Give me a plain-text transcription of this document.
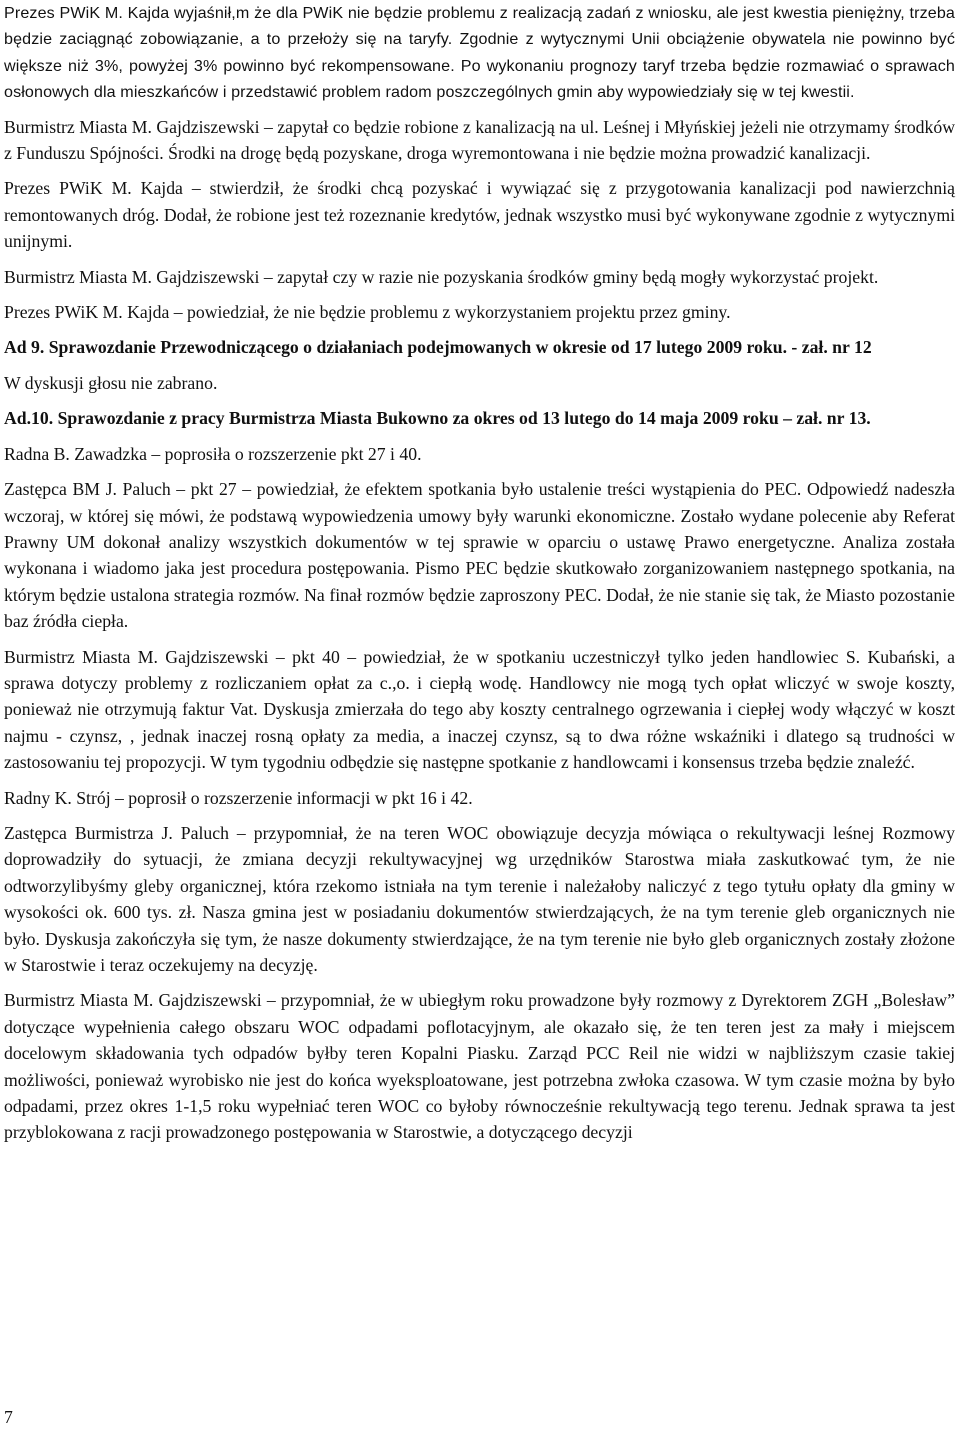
Prezes PWiK M. Kajda wyjaśnił,m że dla PWiK nie będzie problemu z realizacją zadań z wniosku, ale jest kwestia pieniężny, trzeba będzie zaciągnąć zobowiązanie, a to przełoży się na taryfy. Zgodnie z wytycznymi Unii obciążenie obywatela nie powinno być większe niż 3%, powyżej 3% powinno być rekompensowane. Po wykonaniu prognozy taryf trzeba będzie rozmawiać o sprawach osłonowych dla mieszkańców i przedstawić problem radom poszczególnych gmin aby wypowiedziały się w tej kwestii.

Burmistrz Miasta M. Gajdziszewski – zapytał co będzie robione z kanalizacją na ul. Leśnej i Młyńskiej jeżeli nie otrzymamy środków z Funduszu Spójności. Środki na drogę będą pozyskane, droga wyremontowana i nie będzie można prowadzić kanalizacji.

Prezes PWiK M. Kajda – stwierdził, że środki chcą pozyskać i wywiązać się z przygotowania kanalizacji pod nawierzchnią remontowanych dróg. Dodał, że robione jest też rozeznanie kredytów, jednak wszystko musi być wykonywane zgodnie z wytycznymi unijnymi.

Burmistrz Miasta M. Gajdziszewski – zapytał czy w razie nie pozyskania środków gminy będą mogły wykorzystać projekt.

Prezes PWiK M. Kajda – powiedział, że nie będzie problemu z wykorzystaniem projektu przez gminy.

Ad 9. Sprawozdanie Przewodniczącego o działaniach podejmowanych w okresie od 17 lutego 2009 roku. - zał. nr 12

W dyskusji głosu nie zabrano.

Ad.10. Sprawozdanie z pracy Burmistrza Miasta Bukowno za okres od 13 lutego do 14 maja 2009 roku – zał. nr 13.

Radna B. Zawadzka – poprosiła o rozszerzenie pkt 27 i 40.

Zastępca BM J. Paluch – pkt 27 – powiedział, że efektem spotkania było ustalenie treści wystąpienia do PEC. Odpowiedź nadeszła wczoraj, w której się mówi, że podstawą wypowiedzenia umowy były warunki ekonomiczne. Zostało wydane polecenie aby Referat Prawny UM dokonał analizy wszystkich dokumentów w tej sprawie w oparciu o ustawę Prawo energetyczne. Analiza została wykonana i wiadomo jaka jest procedura postępowania. Pismo PEC będzie skutkowało zorganizowaniem następnego spotkania, na którym będzie ustalona strategia rozmów. Na finał rozmów będzie zaproszony PEC. Dodał, że nie stanie się tak, że Miasto pozostanie baz źródła ciepła.

Burmistrz Miasta M. Gajdziszewski – pkt 40 – powiedział, że w spotkaniu uczestniczył tylko jeden handlowiec S. Kubański, a sprawa dotyczy problemy z rozliczaniem opłat za c.,o. i ciepłą wodę. Handlowcy nie mogą tych opłat wliczyć w swoje koszty, ponieważ nie otrzymują faktur Vat. Dyskusja zmierzała do tego aby koszty centralnego ogrzewania i ciepłej wody włączyć w koszt najmu - czynsz, , jednak inaczej rosną opłaty za media, a inaczej czynsz, są to dwa różne wskaźniki i dlatego są trudności w zastosowaniu tej propozycji. W tym tygodniu odbędzie się następne spotkanie z handlowcami i konsensus trzeba będzie znaleźć.

Radny K. Strój – poprosił o rozszerzenie informacji w pkt 16 i 42.

Zastępca Burmistrza J. Paluch – przypomniał, że na teren WOC obowiązuje decyzja mówiąca o rekultywacji leśnej Rozmowy doprowadziły do sytuacji, że zmiana decyzji rekultywacyjnej wg urzędników Starostwa miała zaskutkować tym, że nie odtworzylibyśmy gleby organicznej, która rzekomo istniała na tym terenie i należałoby naliczyć z tego tytułu opłaty dla gminy w wysokości ok. 600 tys. zł. Nasza gmina jest w posiadaniu dokumentów stwierdzających, że na tym terenie gleb organicznych nie było. Dyskusja zakończyła się tym, że nasze dokumenty stwierdzające, że na tym terenie nie było gleb organicznych zostały złożone w Starostwie i teraz oczekujemy na decyzję.

Burmistrz Miasta M. Gajdziszewski – przypomniał, że w ubiegłym roku prowadzone były rozmowy z Dyrektorem ZGH „Bolesław” dotyczące wypełnienia całego obszaru WOC odpadami poflotacyjnym, ale okazało się, że ten teren jest za mały i miejscem docelowym składowania tych odpadów byłby teren Kopalni Piasku. Zarząd PCC Reil nie widzi w najbliższym czasie takiej możliwości, ponieważ wyrobisko nie jest do końca wyeksploatowane, jest potrzebna zwłoka czasowa. W tym czasie można by było odpadami, przez okres 1-1,5 roku wypełniać teren WOC co byłoby równocześnie rekultywacją tego terenu. Jednak sprawa ta jest przyblokowana z racji prowadzonego postępowania w Starostwie, a dotyczącego decyzji

7
